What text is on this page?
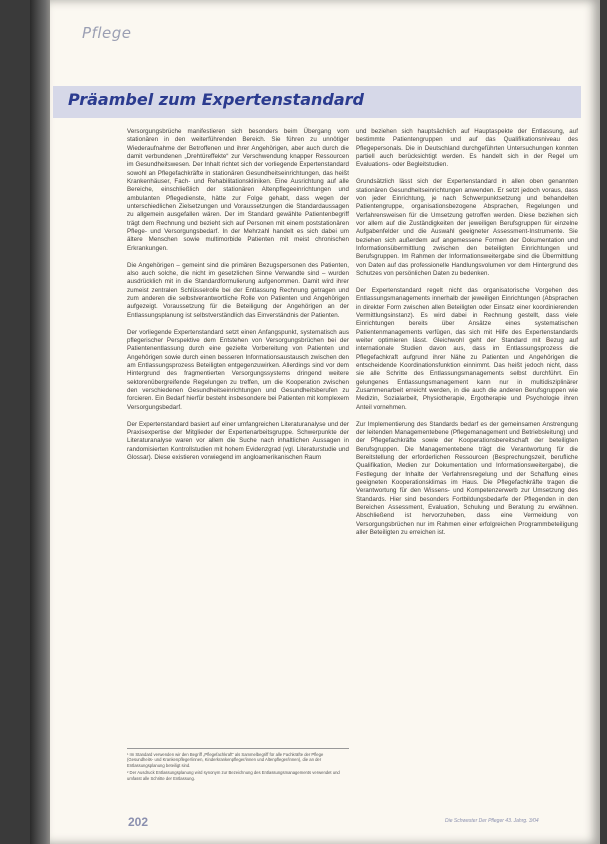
Pflege
Präambel zum Expertenstandard

Versorgungsbrüche manifestieren sich besonders beim Übergang vom stationären in den weiterführenden Bereich. Sie führen zu unnötiger Wiederaufnahme der Betroffenen und ihrer Angehörigen, aber auch durch die damit verbundenen „Drehtüreffekte“ zur Verschwendung knapper Ressourcen im Gesundheitswesen. Der Inhalt richtet sich der vorliegende Expertenstandard sowohl an Pflegefachkräfte in stationären Gesundheitseinrichtungen, das heißt Krankenhäuser, Fach- und Rehabilitationskliniken. Eine Ausrichtung auf alle Bereiche, einschließlich der stationären Altenpflegeeinrichtungen und ambulanten Pflegedienste, hätte zur Folge gehabt, dass wegen der unterschiedlichen Zielsetzungen und Voraussetzungen die Standardaussagen zu allgemein ausgefallen wären. Der im Standard gewählte Patientenbegriff trägt dem Rechnung und bezieht sich auf Personen mit einem poststationären Pflege- und Versorgungsbedarf. In der Mehrzahl handelt es sich dabei um ältere Menschen sowie multimorbide Patienten mit meist chronischen Erkrankungen.

Die Angehörigen – gemeint sind die primären Bezugspersonen des Patienten, also auch solche, die nicht im gesetzlichen Sinne Verwandte sind – wurden ausdrücklich mit in die Standardformulierung aufgenommen. Damit wird ihrer zumeist zentralen Schlüsselrolle bei der Entlassung Rechnung getragen und zum anderen die selbstverantwortliche Rolle von Patienten und Angehörigen aufgezeigt. Voraussetzung für die Beteiligung der Angehörigen an der Entlassungsplanung ist selbstverständlich das Einverständnis der Patienten.

Der vorliegende Expertenstandard setzt einen Anfangspunkt, systematisch aus pflegerischer Perspektive dem Entstehen von Versorgungsbrüchen bei der Patientenentlassung durch eine gezielte Vorbereitung von Patienten und Angehörigen sowie durch einen besseren Informationsaustausch zwischen den am Entlassungsprozess Beteiligten entgegenzuwirken. Allerdings sind vor dem Hintergrund des fragmentierten Versorgungssystems dringend weitere sektorenübergreifende Regelungen zu treffen, um die Kooperation zwischen den verschiedenen Gesundheitseinrichtungen und Gesundheitsberufen zu forcieren. Ein Bedarf hierfür besteht insbesondere bei Patienten mit komplexem Versorgungsbedarf.

Der Expertenstandard basiert auf einer umfangreichen Literaturanalyse und der Praxisexpertise der Mitglieder der Expertenarbeitsgruppe. Schwerpunkte der Literaturanalyse waren vor allem die Suche nach inhaltlichen Aussagen in randomisierten Kontrollstudien mit hohem Evidenzgrad (vgl. Literaturstudie und Glossar). Diese existieren vorwiegend im angloamerikanischen Raum

und beziehen sich hauptsächlich auf Hauptaspekte der Entlassung, auf bestimmte Patientengruppen und auf das Qualifikationsniveau des Pflegepersonals. Die in Deutschland durchgeführten Untersuchungen konnten partiell auch berücksichtigt werden. Es handelt sich in der Regel um Evaluations- oder Begleitstudien.

Grundsätzlich lässt sich der Expertenstandard in allen oben genannten stationären Gesundheitseinrichtungen anwenden. Er setzt jedoch voraus, dass von jeder Einrichtung, je nach Schwerpunktsetzung und behandelten Patientengruppe, organisationsbezogene Absprachen, Regelungen und Verfahrensweisen für die Umsetzung getroffen werden. Diese beziehen sich vor allem auf die Zuständigkeiten der jeweiligen Berufsgruppen für einzelne Aufgabenfelder und die Auswahl geeigneter Assessment-Instrumente. Sie beziehen sich außerdem auf angemessene Formen der Dokumentation und Informationsübermittlung zwischen den beteiligten Einrichtungen und Berufsgruppen. Im Rahmen der Informationsweitergabe sind die Übermittlung von Daten auf das professionelle Handlungsvolumen vor dem Hintergrund des Schutzes von persönlichen Daten zu bedenken.

Der Expertenstandard regelt nicht das organisatorische Vorgehen des Entlassungsmanagements innerhalb der jeweiligen Einrichtungen (Absprachen in direkter Form zwischen allen Beteiligten oder Einsatz einer koordinierenden Vermittlungsinstanz). Es wird dabei in Rechnung gestellt, dass viele Einrichtungen bereits über Ansätze eines systematischen Patientenmanagements verfügen, das sich mit Hilfe des Expertenstandards weiter optimieren lässt. Gleichwohl geht der Standard mit Bezug auf internationale Studien davon aus, dass im Entlassungsprozess die Pflegefachkraft aufgrund ihrer Nähe zu Patienten und Angehörigen die entscheidende Koordinationsfunktion einnimmt. Das heißt jedoch nicht, dass sie alle Schritte des Entlassungsmanagements selbst durchführt. Ein gelungenes Entlassungsmanagement kann nur in multidisziplinärer Zusammenarbeit erreicht werden, in die auch die anderen Berufsgruppen wie Medizin, Sozialarbeit, Physiotherapie, Ergotherapie und Psychologie ihren Anteil vornehmen.

Zur Implementierung des Standards bedarf es der gemeinsamen Anstrengung der leitenden Managementebene (Pflegemanagement und Betriebsleitung) und der Pflegefachkräfte sowie der Kooperationsbereitschaft der beteiligten Berufsgruppen. Die Managementebene trägt die Verantwortung für die Bereitstellung der erforderlichen Ressourcen (Besprechungszeit, berufliche Qualifikation, Medien zur Dokumentation und Informationsweitergabe), die Festlegung der Inhalte der Verfahrensregelung und der Schaffung eines geeigneten Kooperationsklimas im Haus. Die Pflegefachkräfte tragen die Verantwortung für den Wissens- und Kompetenzerwerb zur Umsetzung des Standards. Hier sind besonders Fortbildungsbedarfe der Pflegenden in den Bereichen Assessment, Evaluation, Schulung und Beratung zu erwähnen. Abschließend ist hervorzuheben, dass eine Vermeidung von Versorgungsbrüchen nur im Rahmen einer erfolgreichen Programmbeteiligung aller Beteiligten zu erreichen ist.

¹ Im Standard verwenden wir den Begriff „Pflegefachkraft“ als Sammelbegriff für alle Fachkräfte der Pflege (Gesundheits- und Krankenpfleger/innen, Kinderkrankenpfleger/innen und Altenpfleger/innen), die an der Entlassungsplanung beteiligt sind.

² Der Ausdruck Entlassungsplanung wird synonym zur Bezeichnung des Entlassungsmanagements verwendet und umfasst alle Schritte der Entlassung.

202	Die Schwester Der Pfleger 43. Jahrg. 3/04
